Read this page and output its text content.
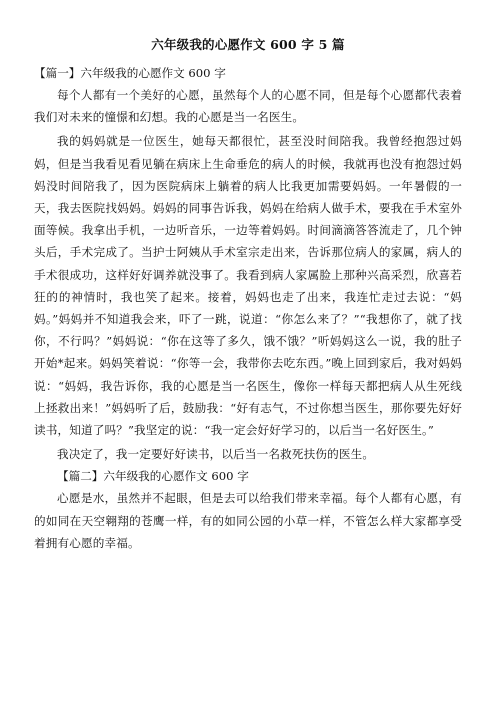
六年级我的心愿作文 600 字 5 篇

【篇一】六年级我的心愿作文 600 字

每个人都有一个美好的心愿，虽然每个人的心愿不同，但是每个心愿都代表着我们对未来的憧憬和幻想。我的心愿是当一名医生。

我的妈妈就是一位医生，她每天都很忙，甚至没时间陪我。我曾经抱怨过妈妈，但是当我看见看见躺在病床上生命垂危的病人的时候，我就再也没有抱怨过妈妈没时间陪我了，因为医院病床上躺着的病人比我更加需要妈妈。一年暑假的一天，我去医院找妈妈。妈妈的同事告诉我，妈妈在给病人做手术，要我在手术室外面等候。我拿出手机，一边听音乐，一边等着妈妈。时间滴滴答答流走了，几个钟头后，手术完成了。当护士阿姨从手术室宗走出来，告诉那位病人的家属，病人的手术很成功，这样好好调养就没事了。我看到病人家属脸上那种兴高采烈，欣喜若狂的的神情时，我也笑了起来。接着，妈妈也走了出来，我连忙走过去说：“妈妈。”妈妈并不知道我会来，吓了一跳，说道：“你怎么来了？”“我想你了，就了找你，不行吗？”妈妈说：“你在这等了多久，饿不饿？”听妈妈这么一说，我的肚子开始*起来。妈妈笑着说：“你等一会，我带你去吃东西。”晚上回到家后，我对妈妈说：“妈妈，我告诉你，我的心愿是当一名医生，像你一样每天都把病人从生死线上拯救出来！”妈妈听了后，鼓励我：“好有志气，不过你想当医生，那你要先好好读书，知道了吗？”我坚定的说：“我一定会好好学习的，以后当一名好医生。”

我决定了，我一定要好好读书，以后当一名救死扶伤的医生。

【篇二】六年级我的心愿作文 600 字

心愿是水，虽然并不起眼，但是去可以给我们带来幸福。每个人都有心愿，有的如同在天空翱翔的苍鹰一样，有的如同公园的小草一样，不管怎么样大家都享受着拥有心愿的幸福。
